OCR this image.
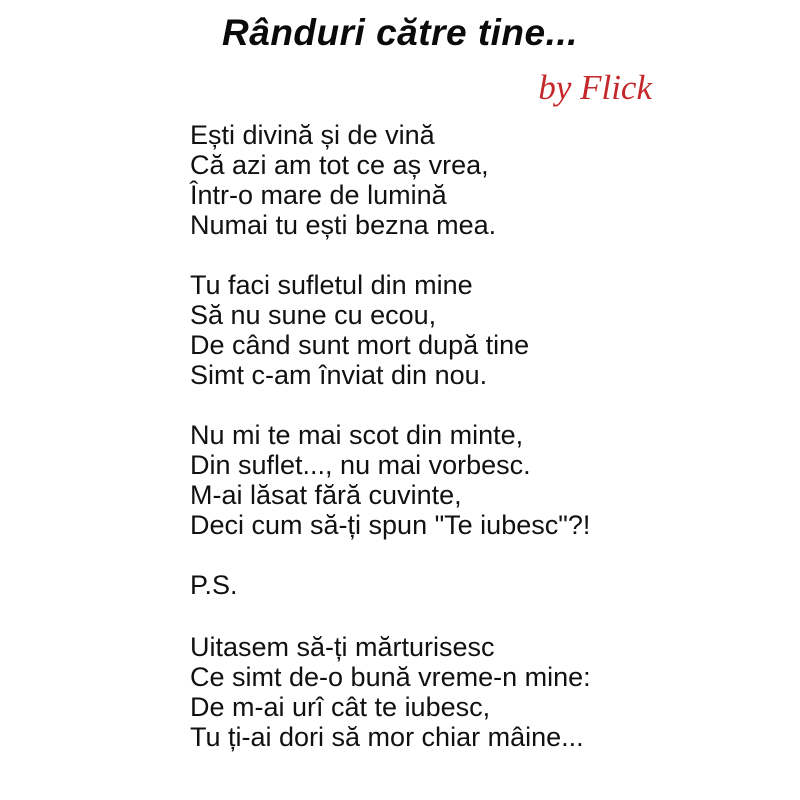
Rânduri către tine...
by Flick
Ești divină și de vină
Că azi am tot ce aș vrea,
Într-o mare de lumină
Numai tu ești bezna mea.
Tu faci sufletul din mine
Să nu sune cu ecou,
De când sunt mort după tine
Simt c-am înviat din nou.
Nu mi te mai scot din minte,
Din suflet..., nu mai vorbesc.
M-ai lăsat fără cuvinte,
Deci cum să-ți spun "Te iubesc"?!
P.S.
Uitasem să-ți mărturisesc
Ce simt de-o bună vreme-n mine:
De m-ai urî cât te iubesc,
Tu ți-ai dori să mor chiar mâine...
